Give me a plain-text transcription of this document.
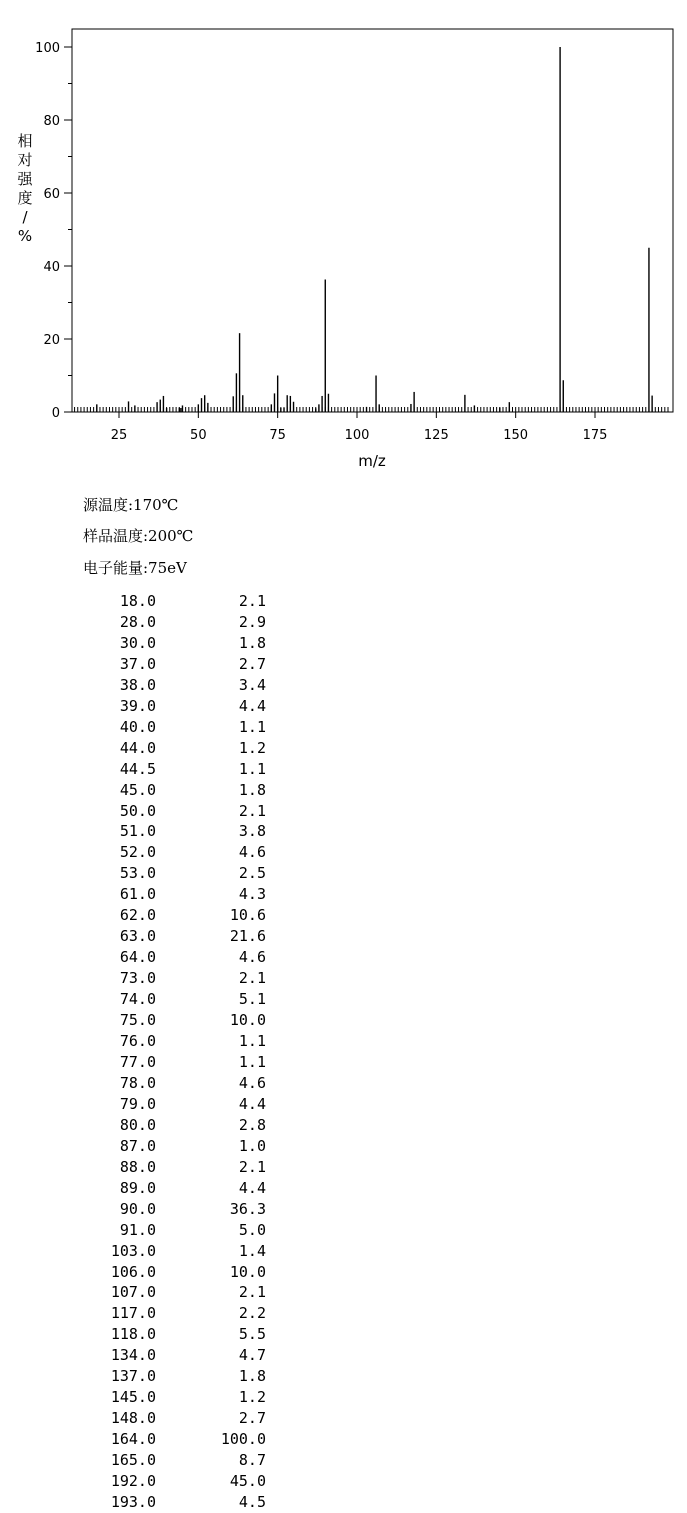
0
20
40
60
80
100
25	50	75	100	125	150	175
m/z
相
对
强
度
/
%
源温度:170℃
样品温度:200℃
电子能量:75eV
18.0	2.1
28.0	2.9
30.0	1.8
37.0	2.7
38.0	3.4
39.0	4.4
40.0	1.1
44.0	1.2
44.5	1.1
45.0	1.8
50.0	2.1
51.0	3.8
52.0	4.6
53.0	2.5
61.0	4.3
62.0	10.6
63.0	21.6
64.0	4.6
73.0	2.1
74.0	5.1
75.0	10.0
76.0	1.1
77.0	1.1
78.0	4.6
79.0	4.4
80.0	2.8
87.0	1.0
88.0	2.1
89.0	4.4
90.0	36.3
91.0	5.0
103.0	1.4
106.0	10.0
107.0	2.1
117.0	2.2
118.0	5.5
134.0	4.7
137.0	1.8
145.0	1.2
148.0	2.7
164.0	100.0
165.0	8.7
192.0	45.0
193.0	4.5
